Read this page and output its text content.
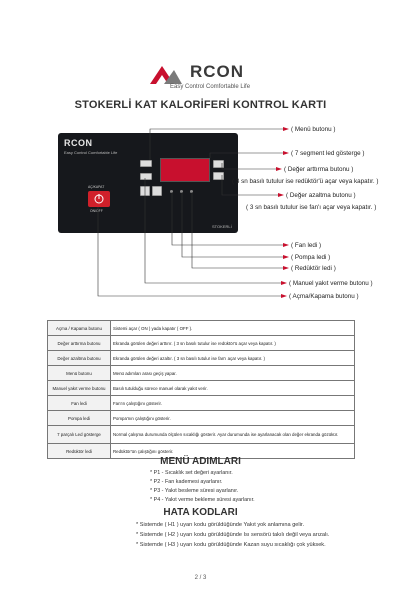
RCON
Easy Control Comfortable Life
STOKERLİ KAT KALORİFERİ KONTROL KARTI
RCON
Easy Control Comfortable Life
AÇ/KAPAT
ON/OFF
STOKERLİ
( Menü butonu )
( 7 segment led gösterge )
( Değer arttırma butonu )
( 3 sn basılı tutulur ise redüktör'ü açar veya kapatır. )
( Değer azaltma butonu )
( 3 sn basılı tutulur ise fan'ı açar veya kapatır. )
( Fan ledi )
( Pompa ledi )
( Redüktör ledi )
( Manuel yakıt verme butonu )
( Açma/Kapama butonu )
Açma / Kapama butonu	Sistemi açar ( ON ) yada kapatır ( OFF ).
Değer arttırma butonu	Ekranda görülen değeri arttırır. ( 3 sn basılı tutulur ise redüktör'ü açar veya kapatır. )
Değer azaltma butonu	Ekranda görülen değeri azaltır. ( 3 sn basılı tutulur ise fan'ı açar veya kapatır. )
Menü butonu	Menü adımları arası geçiş yapar.
Manuel yakıt verme butonu	Basılı tutulduğu sürece manuel olarak yakıt verir.
Fan ledi	Fan'ın çalıştığını gösterir.
Pompa ledi	Pompa'nın çalıştığını gösterir.
7 parçalı Led gösterge	Normal çalışma durumunda ölçülen sıcaklığı gösterir. Ayar durumunda ise ayarlanacak olan değer ekranda gözükür.
Redüktör ledi	Redüktör'ün çalıştığını gösterir.
MENÜ ADIMLARI
* P1 - Sıcaklık set değeri ayarlanır.
* P2 - Fan kademesi ayarlanır.
* P3 - Yakıt besleme süresi ayarlanır.
* P4 - Yakıt verme bekleme süresi ayarlanır.
HATA KODLARI
* Sistemde ( H1 ) uyarı kodu görüldüğünde Yakıt yok anlamına gelir.
* Sistemde ( H2 ) uyarı kodu görüldüğünde Isı sensörü takılı değil veya arızalı.
* Sistemde ( H3 ) uyarı kodu görüldüğünde Kazan suyu sıcaklığı çok yüksek.
2 / 3
